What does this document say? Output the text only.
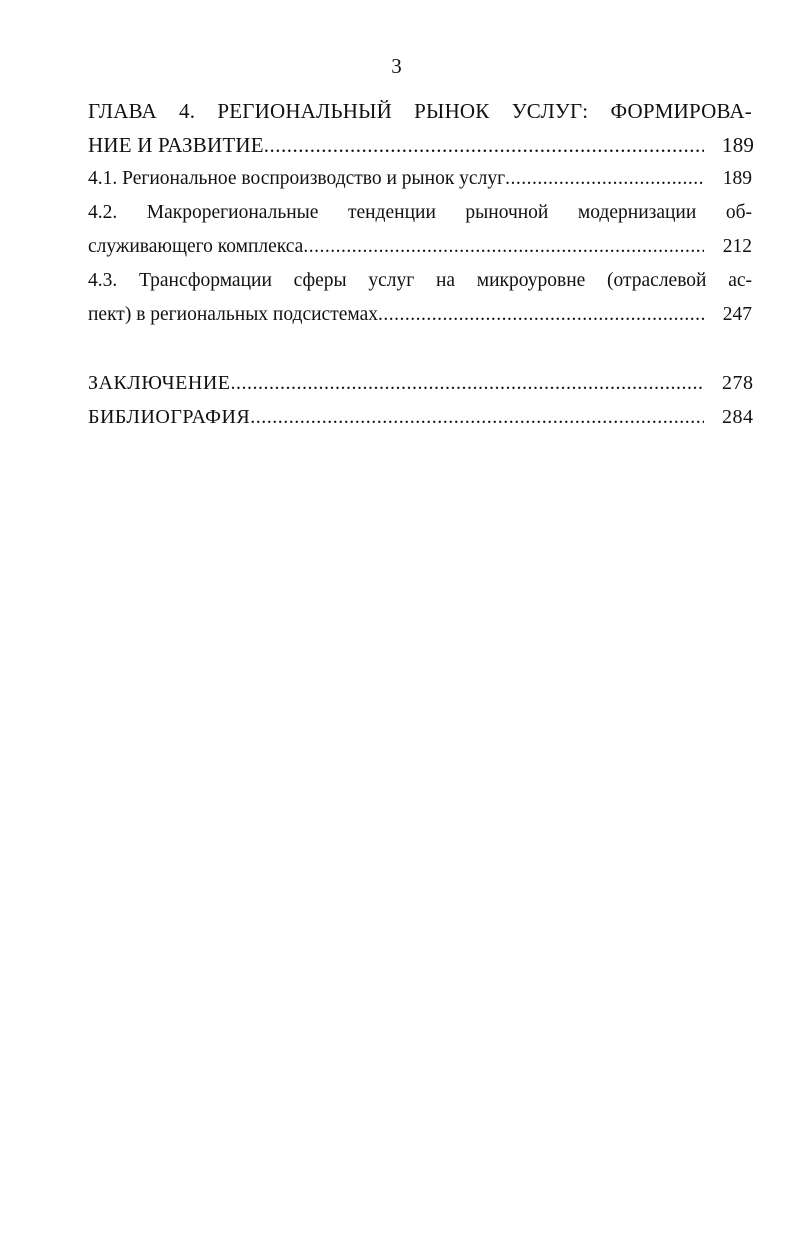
3
ГЛАВА 4. РЕГИОНАЛЬНЫЙ РЫНОК УСЛУГ: ФОРМИРОВА-
НИЕ И РАЗВИТИЕ .....	189
4.1. Региональное воспроизводство и рынок услуг .....	189
4.2. Макрорегиональные тенденции рыночной модернизации об-
служивающего комплекса .....	212
4.3. Трансформации сферы услуг на микроуровне (отраслевой ас-
пект) в региональных подсистемах .....	247
ЗАКЛЮЧЕНИЕ .....	278
БИБЛИОГРАФИЯ .....	284
